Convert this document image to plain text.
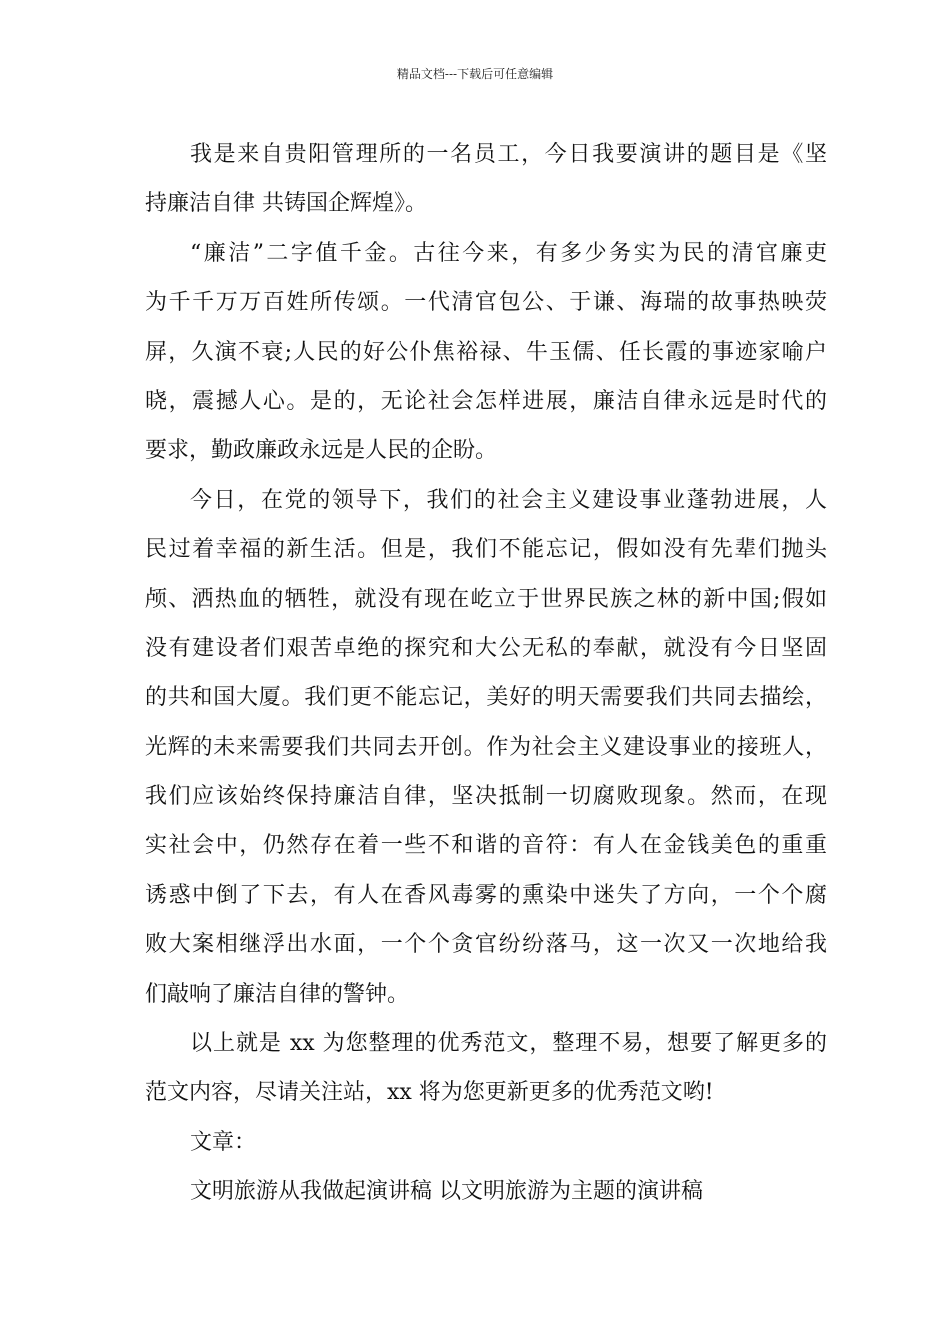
精品文档---下载后可任意编辑
我是来自贵阳管理所的一名员工，今日我要演讲的题目是《坚
持廉洁自律 共铸国企辉煌》。
“廉洁”二字值千金。古往今来，有多少务实为民的清官廉吏
为千千万万百姓所传颂。一代清官包公、于谦、海瑞的故事热映荧
屏，久演不衰;人民的好公仆焦裕禄、牛玉儒、任长霞的事迹家喻户
晓，震撼人心。是的，无论社会怎样进展，廉洁自律永远是时代的
要求，勤政廉政永远是人民的企盼。
今日，在党的领导下，我们的社会主义建设事业蓬勃进展，人
民过着幸福的新生活。但是，我们不能忘记，假如没有先辈们抛头
颅、洒热血的牺牲，就没有现在屹立于世界民族之林的新中国;假如
没有建设者们艰苦卓绝的探究和大公无私的奉献，就没有今日坚固
的共和国大厦。我们更不能忘记，美好的明天需要我们共同去描绘，
光辉的未来需要我们共同去开创。作为社会主义建设事业的接班人，
我们应该始终保持廉洁自律，坚决抵制一切腐败现象。然而，在现
实社会中，仍然存在着一些不和谐的音符：有人在金钱美色的重重
诱惑中倒了下去，有人在香风毒雾的熏染中迷失了方向，一个个腐
败大案相继浮出水面，一个个贪官纷纷落马，这一次又一次地给我
们敲响了廉洁自律的警钟。
以上就是 xx 为您整理的优秀范文，整理不易，想要了解更多的
范文内容，尽请关注站，xx 将为您更新更多的优秀范文哟!
文章：
文明旅游从我做起演讲稿 以文明旅游为主题的演讲稿
